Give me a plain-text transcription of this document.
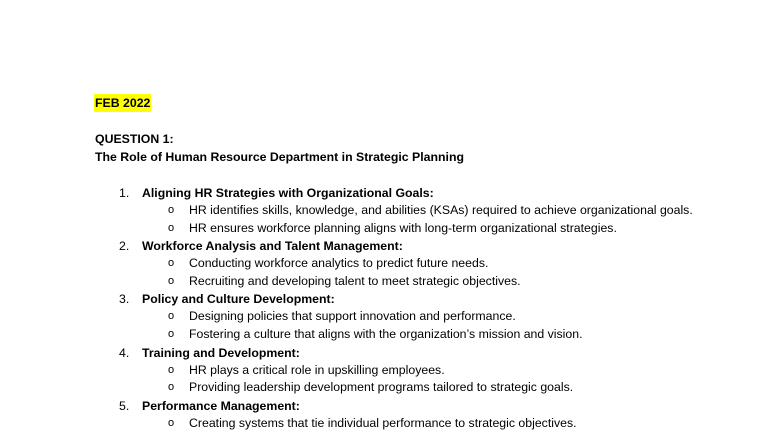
FEB 2022
QUESTION 1:
The Role of Human Resource Department in Strategic Planning
1. Aligning HR Strategies with Organizational Goals:
o HR identifies skills, knowledge, and abilities (KSAs) required to achieve organizational goals.
o HR ensures workforce planning aligns with long-term organizational strategies.
2. Workforce Analysis and Talent Management:
o Conducting workforce analytics to predict future needs.
o Recruiting and developing talent to meet strategic objectives.
3. Policy and Culture Development:
o Designing policies that support innovation and performance.
o Fostering a culture that aligns with the organization’s mission and vision.
4. Training and Development:
o HR plays a critical role in upskilling employees.
o Providing leadership development programs tailored to strategic goals.
5. Performance Management:
o Creating systems that tie individual performance to strategic objectives.
